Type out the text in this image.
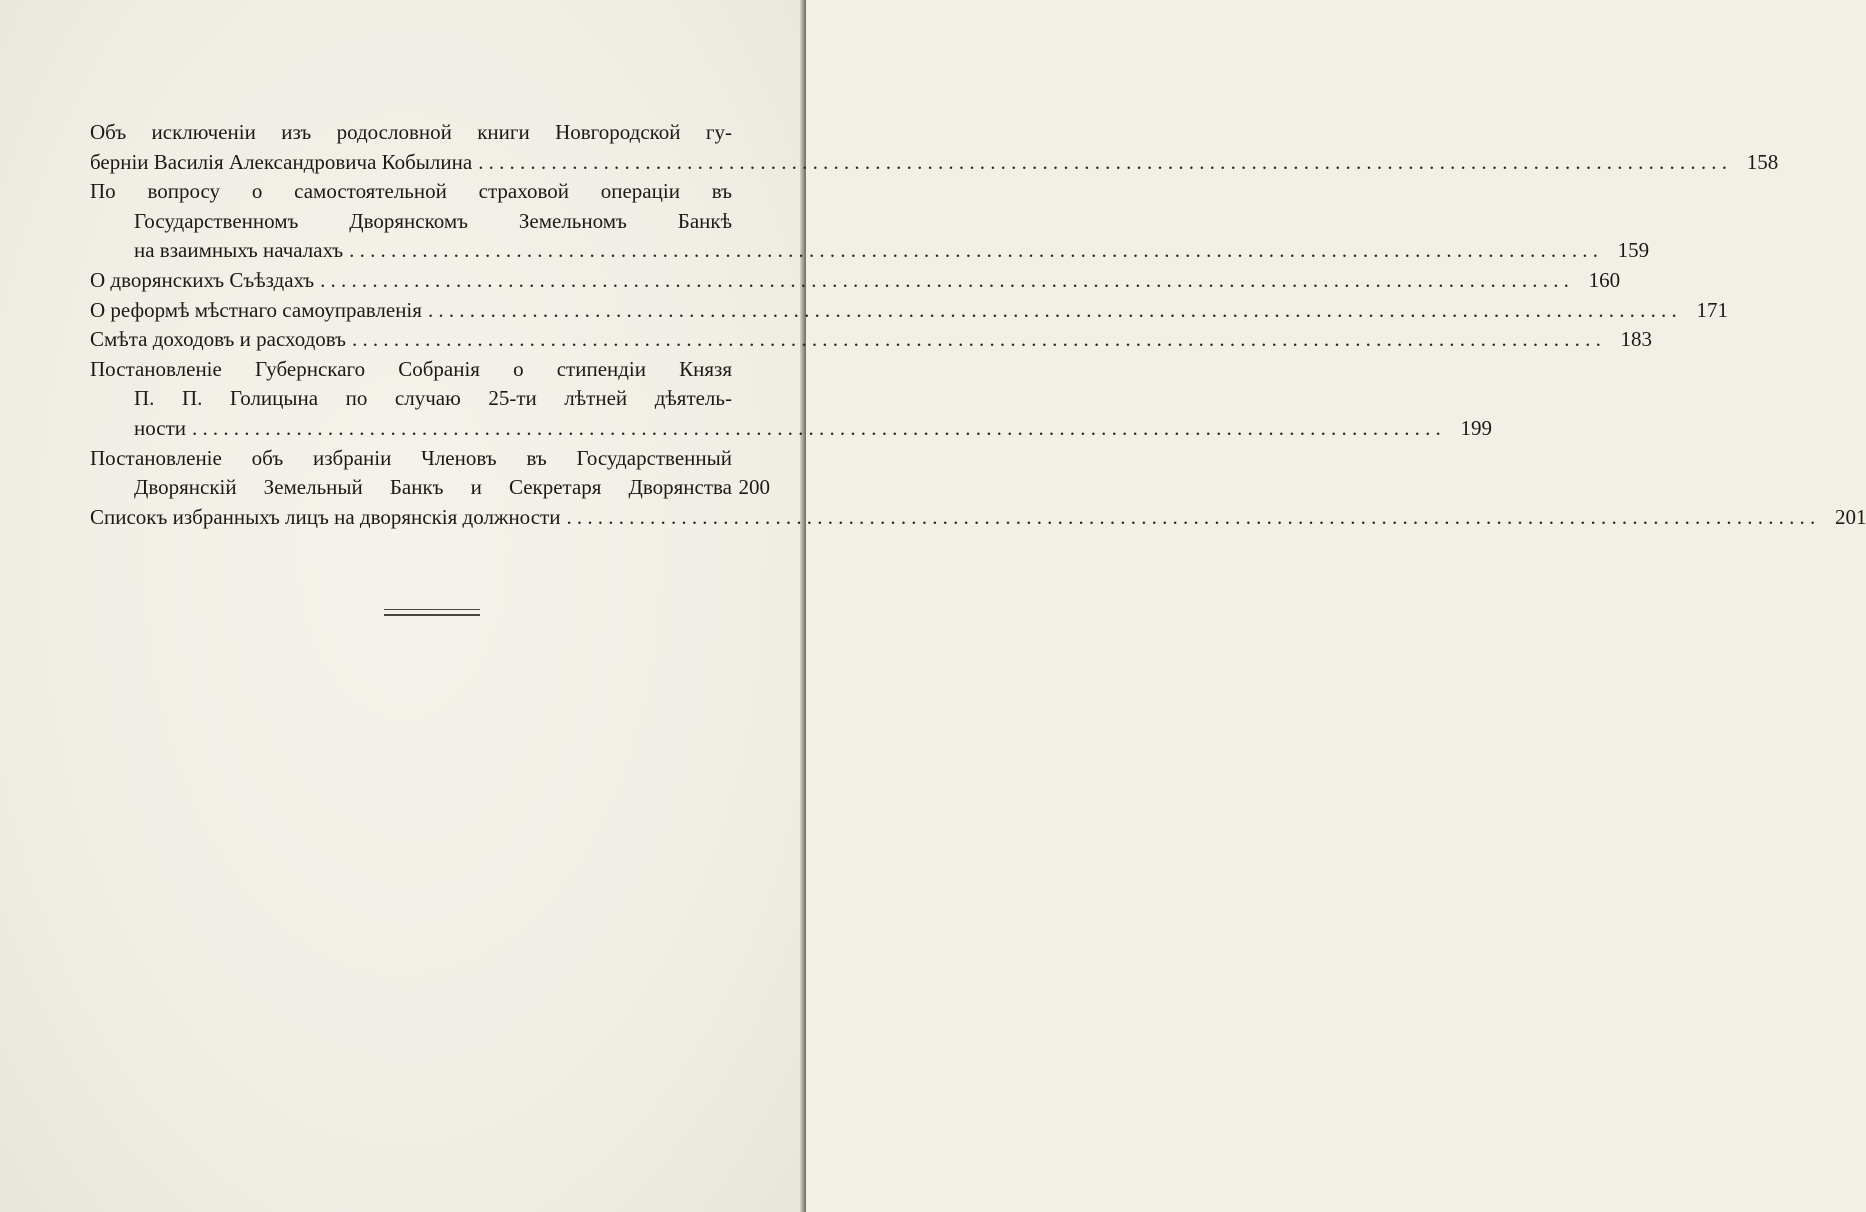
Объ исключеніи изъ родословной книги Новгородской гу-
берніи Василія Александровича Кобылина ........................................................................................................................ 158
По вопросу о самостоятельной страховой операціи въ
Государственномъ Дворянскомъ Земельномъ Банкѣ
на взаимныхъ началахъ ........................................................................................................................ 159
О дворянскихъ Съѣздахъ ........................................................................................................................ 160
О реформѣ мѣстнаго самоуправленія ........................................................................................................................ 171
Смѣта доходовъ и расходовъ ........................................................................................................................ 183
Постановленіе Губернскаго Собранія о стипендіи Князя
П. П. Голицына по случаю 25-ти лѣтней дѣятель-
ности ........................................................................................................................ 199
Постановленіе объ избраніи Членовъ въ Государственный
Дворянскій Земельный Банкъ и Секретаря Дворянства 200
Списокъ избранныхъ лицъ на дворянскія должности ........................................................................................................................ 201
